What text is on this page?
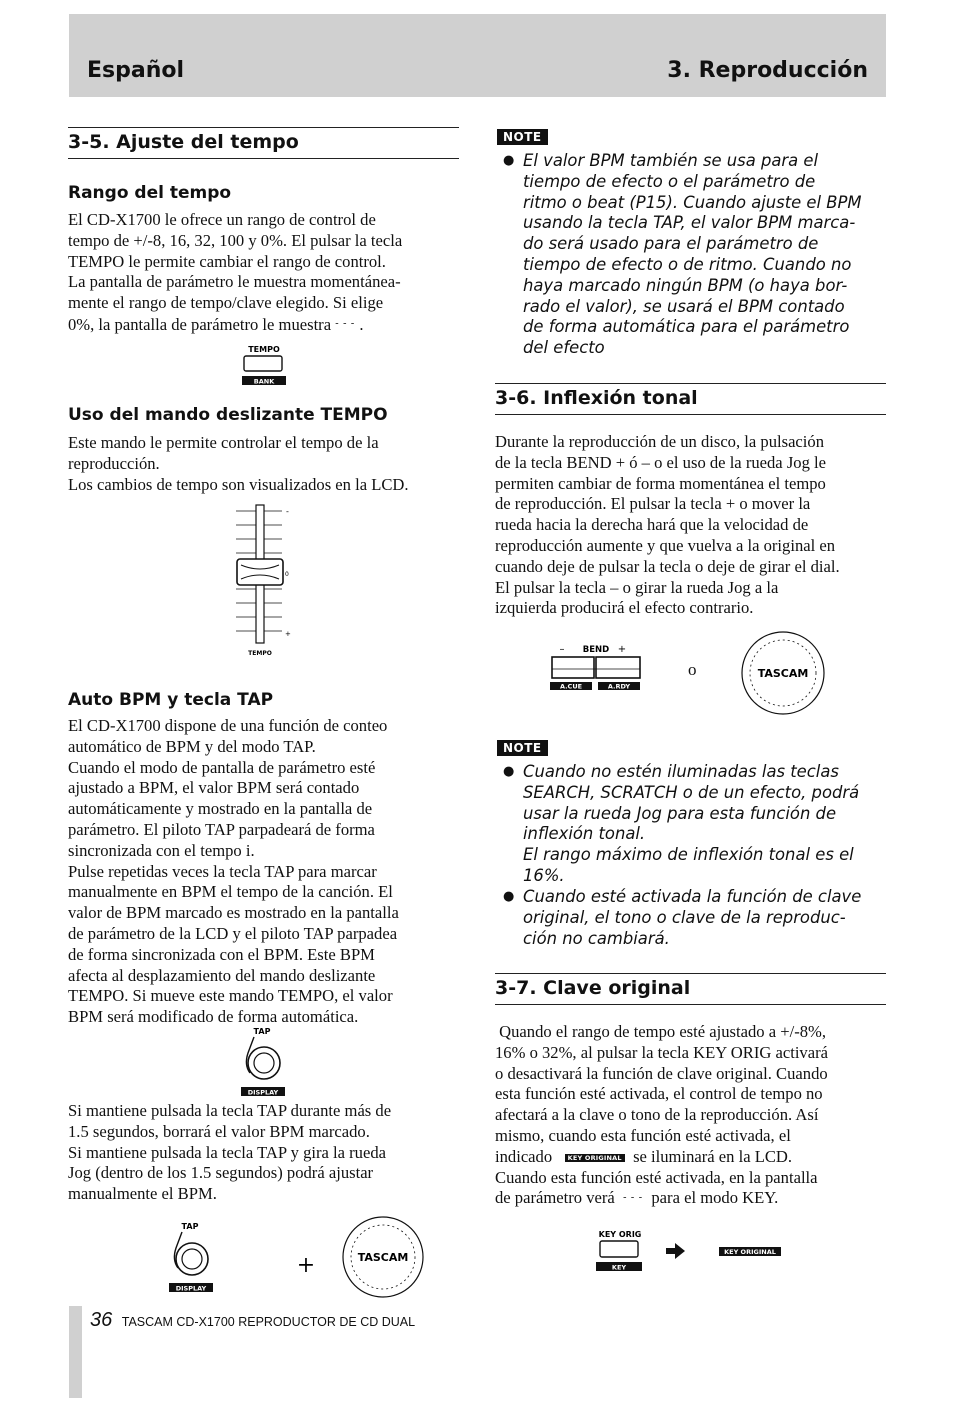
Español	3. Reproducción
3-5. Ajuste del tempo
Rango del tempo
El CD-X1700 le ofrece un rango de control de
tempo de +/-8, 16, 32, 100 y 0%. El pulsar la tecla
TEMPO le permite cambiar el rango de control.
La pantalla de parámetro le muestra momentánea-
mente el rango de tempo/clave elegido. Si elige
0%, la pantalla de parámetro le muestra - - - .
TEMPO
BANK
Uso del mando deslizante TEMPO
Este mando le permite controlar el tempo de la
reproducción.
Los cambios de tempo son visualizados en la LCD.
-
0
+
TEMPO
Auto BPM y tecla TAP
El CD-X1700 dispone de una función de conteo
automático de BPM y del modo TAP.
Cuando el modo de pantalla de parámetro esté
ajustado a BPM, el valor BPM será contado
automáticamente y mostrado en la pantalla de
parámetro. El piloto TAP parpadeará de forma
sincronizada con el tempo i.
Pulse repetidas veces la tecla TAP para marcar
manualmente en BPM el tempo de la canción. El
valor de BPM marcado es mostrado en la pantalla
de parámetro de la LCD y el piloto TAP parpadea
de forma sincronizada con el BPM. Este BPM
afecta al desplazamiento del mando deslizante
TEMPO. Si mueve este mando TEMPO, el valor
BPM será modificado de forma automática.
TAP
DISPLAY
Si mantiene pulsada la tecla TAP durante más de
1.5 segundos, borrará el valor BPM marcado.
Si mantiene pulsada la tecla TAP y gira la rueda
Jog (dentro de los 1.5 segundos) podrá ajustar
manualmente el BPM.
TAP
DISPLAY
+	TASCAM
NOTE
● El valor BPM también se usa para el
tiempo de efecto o el parámetro de
ritmo o beat (P15). Cuando ajuste el BPM
usando la tecla TAP, el valor BPM marca-
do será usado para el parámetro de
tiempo de efecto o de ritmo. Cuando no
haya marcado ningún BPM (o haya bor-
rado el valor), se usará el BPM contado
de forma automática para el parámetro
del efecto
3-6. Inflexión tonal
Durante la reproducción de un disco, la pulsación
de la tecla BEND + ó – o el uso de la rueda Jog le
permiten cambiar de forma momentánea el tempo
de reproducción. El pulsar la tecla + o mover la
rueda hacia la derecha hará que la velocidad de
reproducción aumente y que vuelva a la original en
cuando deje de pulsar la tecla o deje de girar el dial.
El pulsar la tecla – o girar la rueda Jog a la
izquierda producirá el efecto contrario.
– BEND +
A.CUE	A.RDY
o	TASCAM
NOTE
● Cuando no estén iluminadas las teclas
SEARCH, SCRATCH o de un efecto, podrá
usar la rueda Jog para esta función de
inflexión tonal.
El rango máximo de inflexión tonal es el
16%.
● Cuando esté activada la función de clave
original, el tono o clave de la reproduc-
ción no cambiará.
3-7. Clave original
Quando el rango de tempo esté ajustado a +/-8%,
16% o 32%, al pulsar la tecla KEY ORIG activará
o desactivará la función de clave original. Cuando
esta función esté activada, el control de tempo no
afectará a la clave o tono de la reproducción. Así
mismo, cuando esta función esté activada, el
indicado KEY ORIGINAL se iluminará en la LCD.
Cuando esta función esté activada, en la pantalla
de parámetro verá - - - para el modo KEY.
KEY ORIG
KEY
KEY ORIGINAL
36 TASCAM CD-X1700 REPRODUCTOR DE CD DUAL
